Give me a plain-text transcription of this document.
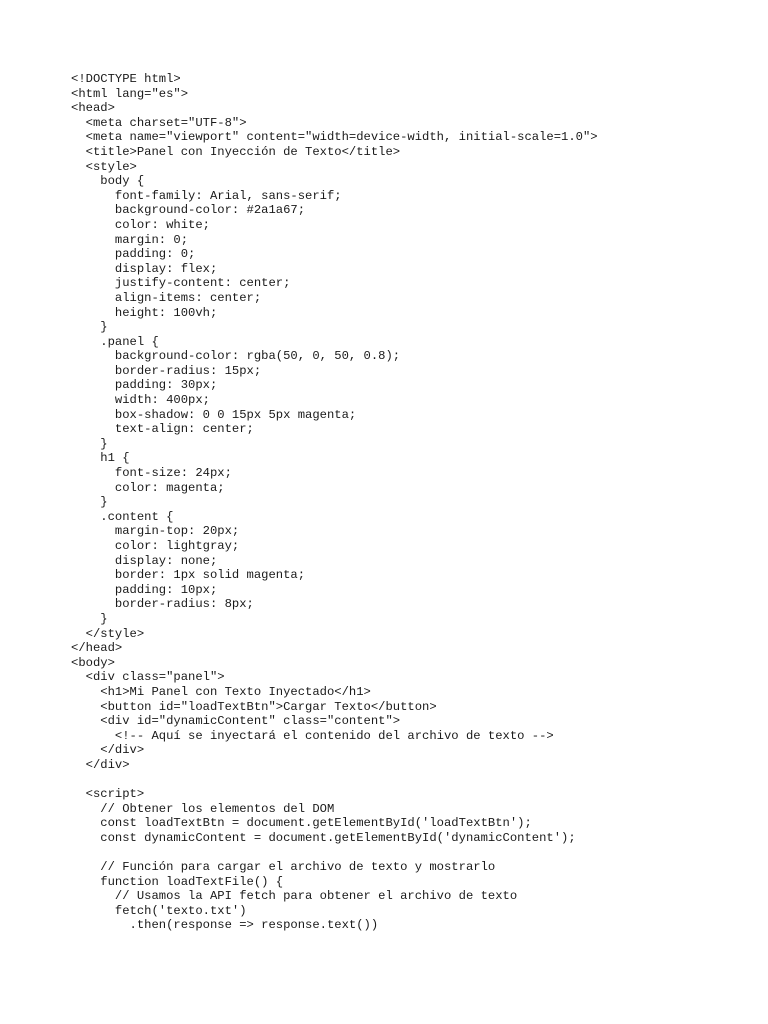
<!DOCTYPE html>
<html lang="es">
<head>
<meta charset="UTF-8">
<meta name="viewport" content="width=device-width, initial-scale=1.0">
<title>Panel con Inyección de Texto</title>
<style>
body {
font-family: Arial, sans-serif;
background-color: #2a1a67;
color: white;
margin: 0;
padding: 0;
display: flex;
justify-content: center;
align-items: center;
height: 100vh;
}
.panel {
background-color: rgba(50, 0, 50, 0.8);
border-radius: 15px;
padding: 30px;
width: 400px;
box-shadow: 0 0 15px 5px magenta;
text-align: center;
}
h1 {
font-size: 24px;
color: magenta;
}
.content {
margin-top: 20px;
color: lightgray;
display: none;
border: 1px solid magenta;
padding: 10px;
border-radius: 8px;
}
</style>
</head>
<body>
<div class="panel">
<h1>Mi Panel con Texto Inyectado</h1>
<button id="loadTextBtn">Cargar Texto</button>
<div id="dynamicContent" class="content">
<!-- Aquí se inyectará el contenido del archivo de texto -->
</div>
</div>
<script>
// Obtener los elementos del DOM
const loadTextBtn = document.getElementById('loadTextBtn');
const dynamicContent = document.getElementById('dynamicContent');
// Función para cargar el archivo de texto y mostrarlo
function loadTextFile() {
// Usamos la API fetch para obtener el archivo de texto
fetch('texto.txt')
.then(response => response.text())
